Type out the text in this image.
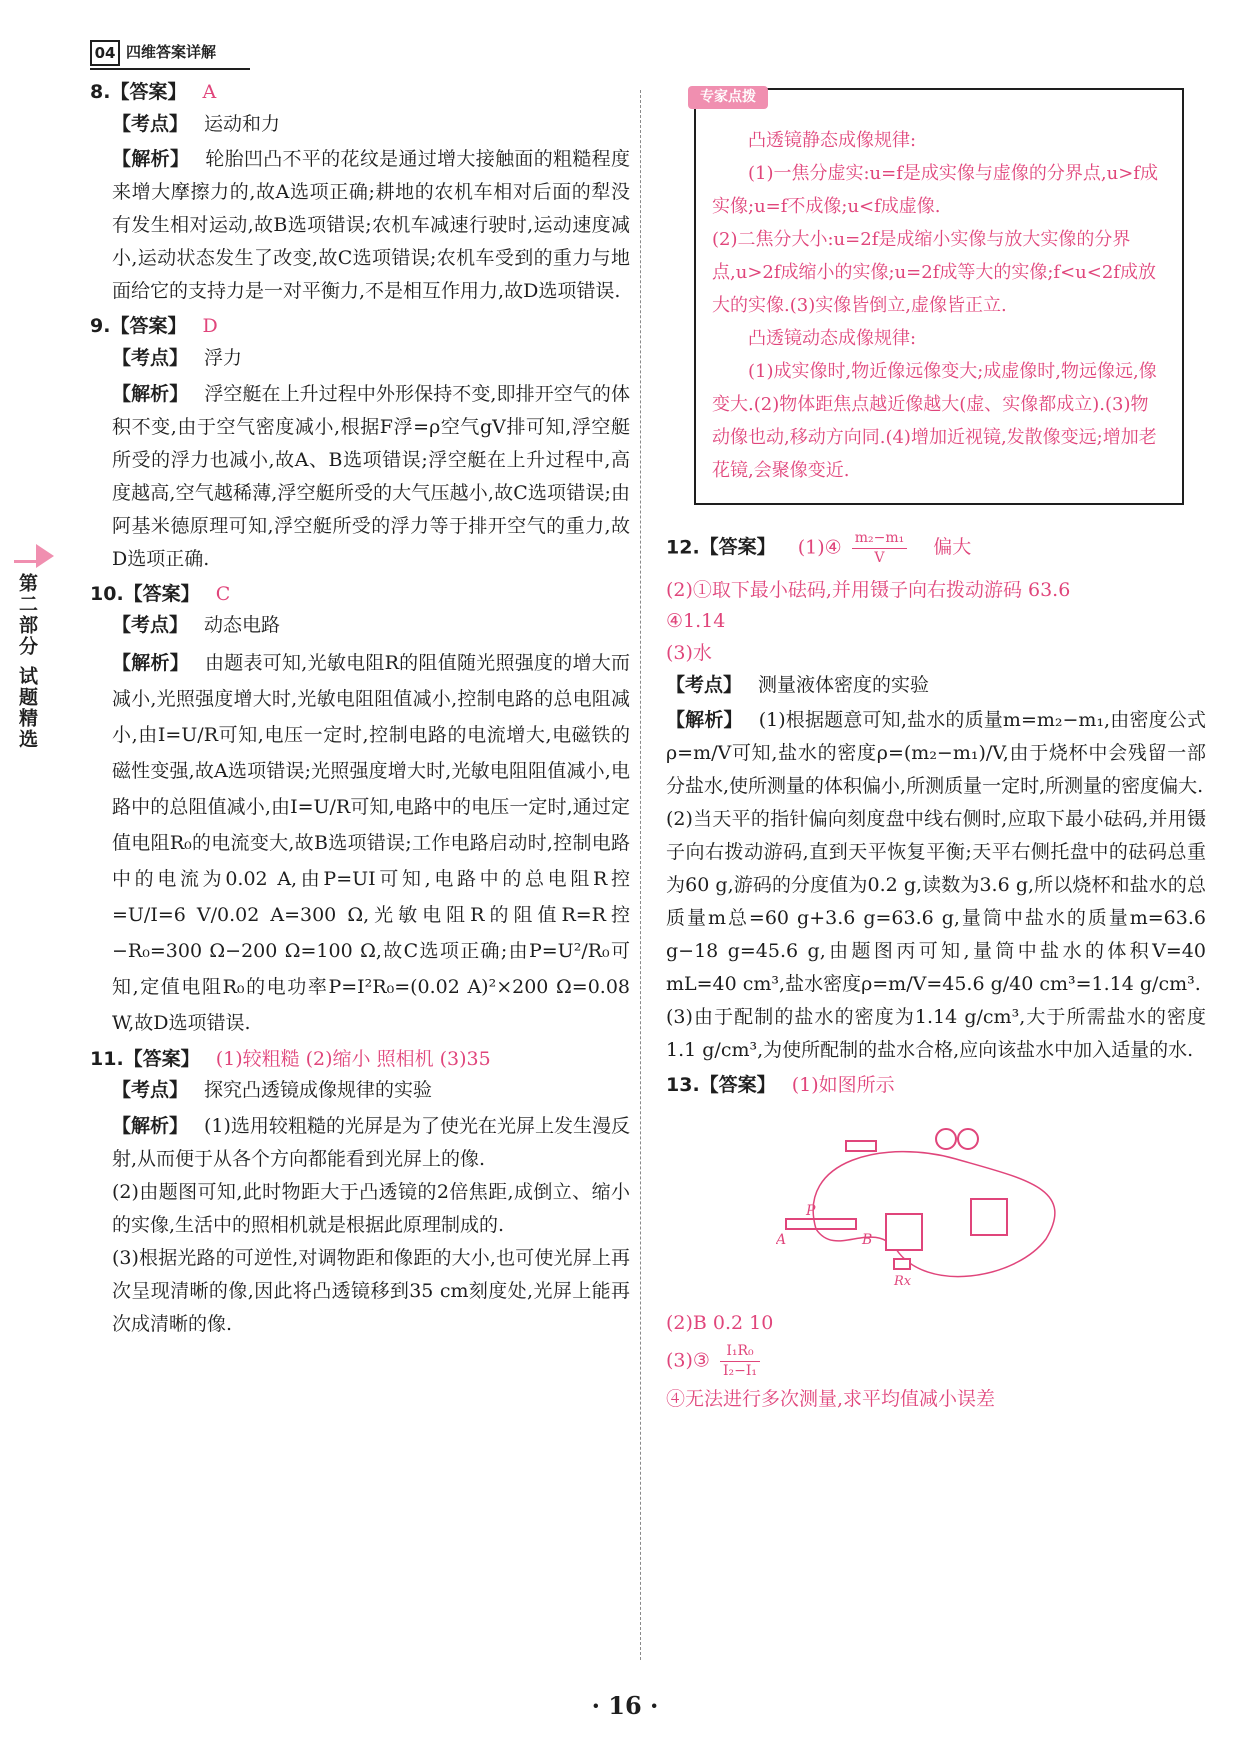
04 四维答案详解
第二部分 试题精选

8.【答案】 A

【考点】 运动和力

【解析】 轮胎凹凸不平的花纹是通过增大接触面的粗糙程度来增大摩擦力的,故A选项正确;耕地的农机车相对后面的犁没有发生相对运动,故B选项错误;农机车减速行驶时,运动速度减小,运动状态发生了改变,故C选项错误;农机车受到的重力与地面给它的支持力是一对平衡力,不是相互作用力,故D选项错误.

9.【答案】 D

【考点】 浮力

【解析】 浮空艇在上升过程中外形保持不变,即排开空气的体积不变,由于空气密度减小,根据F浮=ρ空气gV排可知,浮空艇所受的浮力也减小,故A、B选项错误;浮空艇在上升过程中,高度越高,空气越稀薄,浮空艇所受的大气压越小,故C选项错误;由阿基米德原理可知,浮空艇所受的浮力等于排开空气的重力,故D选项正确.

10.【答案】 C

【考点】 动态电路

【解析】 由题表可知,光敏电阻R的阻值随光照强度的增大而减小,光照强度增大时,光敏电阻阻值减小,控制电路的总电阻减小,由I=U/R可知,电压一定时,控制电路的电流增大,电磁铁的磁性变强,故A选项错误;光照强度增大时,光敏电阻阻值减小,电路中的总阻值减小,由I=U/R可知,电路中的电压一定时,通过定值电阻R₀的电流变大,故B选项错误;工作电路启动时,控制电路中的电流为0.02 A,由P=UI可知,电路中的总电阻R控=U/I=6 V/0.02 A=300 Ω,光敏电阻R的阻值R=R控−R₀=300 Ω−200 Ω=100 Ω,故C选项正确;由P=U²/R₀可知,定值电阻R₀的电功率P=I²R₀=(0.02 A)²×200 Ω=0.08 W,故D选项错误.

11.【答案】 (1)较粗糙 (2)缩小 照相机 (3)35

【考点】 探究凸透镜成像规律的实验

【解析】 (1)选用较粗糙的光屏是为了使光在光屏上发生漫反射,从而便于从各个方向都能看到光屏上的像.

(2)由题图可知,此时物距大于凸透镜的2倍焦距,成倒立、缩小的实像,生活中的照相机就是根据此原理制成的.

(3)根据光路的可逆性,对调物距和像距的大小,也可使光屏上再次呈现清晰的像,因此将凸透镜移到35 cm刻度处,光屏上能再次成清晰的像.

专家点拨

凸透镜静态成像规律:

(1)一焦分虚实:u=f是成实像与虚像的分界点,u>f成实像;u=f不成像;u<f成虚像.

(2)二焦分大小:u=2f是成缩小实像与放大实像的分界点,u>2f成缩小的实像;u=2f成等大的实像;f<u<2f成放大的实像.(3)实像皆倒立,虚像皆正立.

凸透镜动态成像规律:

(1)成实像时,物近像远像变大;成虚像时,物远像远,像变大.(2)物体距焦点越近像越大(虚、实像都成立).(3)物动像也动,移动方向同.(4)增加近视镜,发散像变远;增加老花镜,会聚像变近.

12.【答案】 (1)④ $\frac{\text{m₂−m₁}}{V}$ 偏大

(2)①取下最小砝码,并用镊子向右拨动游码 63.6

④1.14

(3)水

【考点】 测量液体密度的实验

【解析】 (1)根据题意可知,盐水的质量m=m₂−m₁,由密度公式ρ=m/V可知,盐水的密度ρ=(m₂−m₁)/V,由于烧杯中会残留一部分盐水,使所测量的体积偏小,所测质量一定时,所测量的密度偏大.

(2)当天平的指针偏向刻度盘中线右侧时,应取下最小砝码,并用镊子向右拨动游码,直到天平恢复平衡;天平右侧托盘中的砝码总重为60 g,游码的分度值为0.2 g,读数为3.6 g,所以烧杯和盐水的总质量m总=60 g+3.6 g=63.6 g,量筒中盐水的质量m=63.6 g−18 g=45.6 g,由题图丙可知,量筒中盐水的体积V=40 mL=40 cm³,盐水密度ρ=m/V=45.6 g/40 cm³=1.14 g/cm³.

(3)由于配制的盐水的密度为1.14 g/cm³,大于所需盐水的密度1.1 g/cm³,为使所配制的盐水合格,应向该盐水中加入适量的水.

13.【答案】 (1)如图所示

P
A	B
Rx

(2)B 0.2 10

(3)③ $\frac{\text{I₁R₀}}{\text{I₂−I₁}}$

④无法进行多次测量,求平均值减小误差

· 16 ·
